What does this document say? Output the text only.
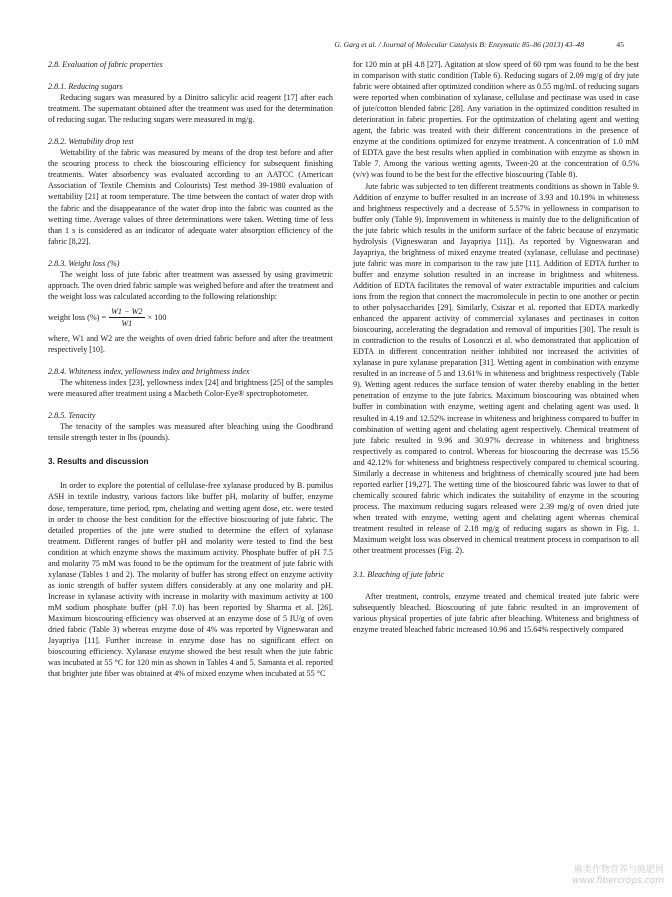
G. Garg et al. / Journal of Molecular Catalysis B: Enzymatic 85–86 (2013) 43–48	45
2.8. Evaluation of fabric properties
2.8.1. Reducing sugars

Reducing sugars was measured by a Dinitro salicylic acid reagent [17] after each treatment. The supernatant obtained after the treatment was used for the determination of reducing sugar. The reducing sugars were measured in mg/g.

2.8.2. Wettability drop test

Wettability of the fabric was measured by means of the drop test before and after the scouring process to check the bioscouring efficiency for subsequent finishing treatments. Water absorbency was evaluated according to an AATCC (American Association of Textile Chemists and Colourists) Test method 39-1980 evaluation of wettability [21] at room temperature. The time between the contact of water drop with the fabric and the disappearance of the water drop into the fabric was counted as the wetting time. Average values of three determinations were taken. Wetting time of less than 1 s is considered as an indicator of adequate water absorption efficiency of the fabric [8,22].

2.8.3. Weight loss (%)

The weight loss of jute fabric after treatment was assessed by using gravimetric approach. The oven dried fabric sample was weighed before and after the treatment and the weight loss was calculated according to the following relationship:

weight loss (%) = $\frac{W1 - W2}{W1} \times 100$

where, W1 and W2 are the weights of oven dried fabric before and after the treatment respectively [10].

2.8.4. Whiteness index, yellowness index and brightness index

The whiteness index [23], yellowness index [24] and brightness [25] of the samples were measured after treatment using a Macbeth Color-Eye® spectrophotometer.

2.8.5. Tenacity

The tenacity of the samples was measured after bleaching using the Goodbrand tensile strength tester in lbs (pounds).

3. Results and discussion

In order to explore the potential of cellulase-free xylanase produced by B. pumilus ASH in textile industry, various factors like buffer pH, molarity of buffer, enzyme dose, temperature, time period, rpm, chelating and wetting agent dose, etc. were tested in order to choose the best condition for the effective bioscouring of jute fabric. The detailed properties of the jute were studied to determine the effect of xylanase treatment. Different ranges of buffer pH and molarity were tested to find the best condition at which enzyme shows the maximum activity. Phosphate buffer of pH 7.5 and molarity 75 mM was found to be the optimum for the treatment of jute fabric with xylanase (Tables 1 and 2). The molarity of buffer has strong effect on enzyme activity as ionic strength of buffer system differs considerably at any one molarity and pH. Increase in xylanase activity with increase in molarity with maximum activity at 100 mM sodium phosphate buffer (pH 7.0) has been reported by Sharma et al. [26]. Maximum bioscouring efficiency was observed at an enzyme dose of 5 IU/g of oven dried fabric (Table 3) whereas enzyme dose of 4% was reported by Vigneswaran and Jayapriya [11]. Further increase in enzyme dose has no significant effect on bioscouring efficiency. Xylanase enzyme showed the best result when the jute fabric was incubated at 55 °C for 120 min as shown in Tables 4 and 5. Samanta et al. reported that brighter jute fiber was obtained at 4% of mixed enzyme when incubated at 55 °C

for 120 min at pH 4.8 [27]. Agitation at slow speed of 60 rpm was found to be the best in comparison with static condition (Table 6). Reducing sugars of 2.09 mg/g of dry jute fabric were obtained after optimized condition where as 0.55 mg/mL of reducing sugars were reported when combination of xylanase, cellulase and pectinase was used in case of jute/cotton blended fabric [28]. Any variation in the optimized condition resulted in deterioration in fabric properties. For the optimization of chelating agent and wetting agent, the fabric was treated with their different concentrations in the presence of enzyme at the conditions optimized for enzyme treatment. A concentration of 1.0 mM of EDTA gave the best results when applied in combination with enzyme as shown in Table 7. Among the various wetting agents, Tween-20 at the concentration of 0.5% (v/v) was found to be the best for the effective bioscouring (Table 8).

Jute fabric was subjected to ten different treatments conditions as shown in Table 9. Addition of enzyme to buffer resulted in an increase of 3.93 and 10.19% in whiteness and brightness respectively and a decrease of 5.57% in yellowness in comparison to buffer only (Table 9). Improvement in whiteness is mainly due to the delignification of the jute fabric which results in the uniform surface of the fabric because of enzymatic hydrolysis (Vigneswaran and Jayapriya [11]). As reported by Vigneswaran and Jayapriya, the brightness of mixed enzyme treated (xylanase, cellulase and pectinase) jute fabric was more in comparison to the raw jute [11]. Addition of EDTA further to buffer and enzyme solution resulted in an increase in brightness and whiteness. Addition of EDTA facilitates the removal of water extractable impurities and calcium ions from the region that connect the macromolecule in pectin to one another or pectin to other polysaccharides [29]. Similarly, Csiszar et al. reported that EDTA markedly enhanced the apparent activity of commercial xylanases and pectinases in cotton bioscouring, accelerating the degradation and removal of impurities [30]. The result is in contradiction to the results of Losonczi et al. who demonstrated that application of EDTA in different concentration neither inhibited nor increased the activities of xylanase in pure xylanase preparation [31]. Wetting agent in combination with enzyme resulted in an increase of 5 and 13.61% in whiteness and brightness respectively (Table 9). Wetting agent reduces the surface tension of water thereby enabling in the better penetration of enzyme to the jute fabrics. Maximum bioscouring was obtained when buffer in combination with enzyme, wetting agent and chelating agent was used. It resulted in 4.19 and 12.52% increase in whiteness and brightness compared to buffer in combination of wetting agent and chelating agent respectively. Chemical treatment of jute fabric resulted in 9.96 and 30.97% decrease in whiteness and brightness respectively as compared to control. Whereas for bioscouring the decrease was 15.56 and 42.12% for whiteness and brightness respectively compared to chemical scouring. Similarly a decrease in whiteness and brightness of chemically scoured jute had been reported earlier [19,27]. The wetting time of the bioscoured fabric was lower to that of chemically scoured fabric which indicates the suitability of enzyme in the scouring process. The maximum reducing sugars released were 2.39 mg/g of oven dried jute when treated with enzyme, wetting agent and chelating agent whereas chemical treatment resulted in release of 2.18 mg/g of reducing sugars as shown in Fig. 1. Maximum weight loss was observed in chemical treatment process in comparison to all other treatment processes (Fig. 2).

3.1. Bleaching of jute fabric

After treatment, controls, enzyme treated and chemical treated jute fabric were subsequently bleached. Bioscouring of jute fabric resulted in an improvement of various physical properties of jute fabric after bleaching. Whiteness and brightness of enzyme treated bleached fabric increased 10.96 and 15.64% respectively compared

麻类作物营养与施肥网
www.fibercrops.com
